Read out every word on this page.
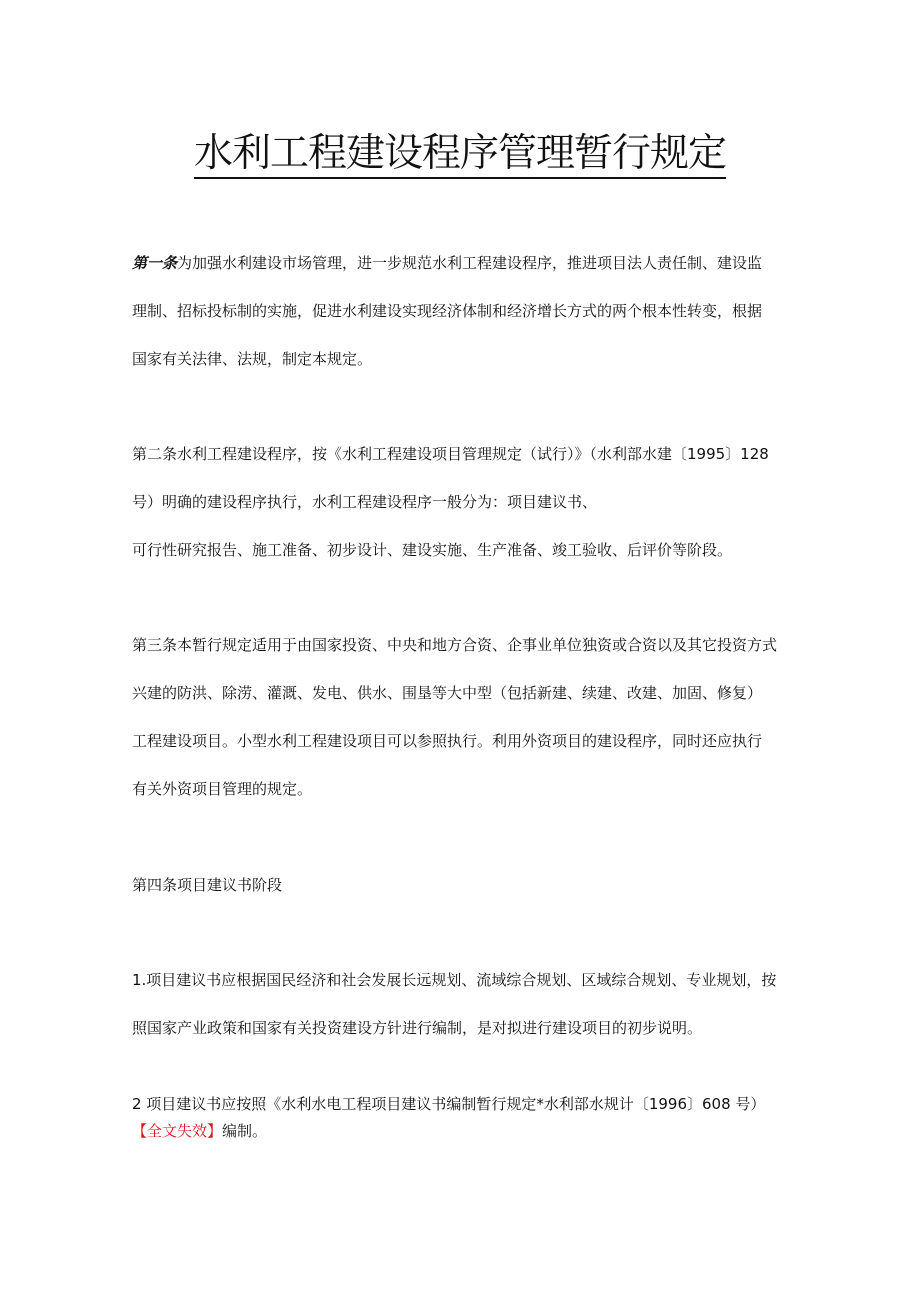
水利工程建设程序管理暂行规定
第一条为加强水利建设市场管理，进一步规范水利工程建设程序，推进项目法人责任制、建设监
理制、招标投标制的实施，促进水利建设实现经济体制和经济增长方式的两个根本性转变，根据
国家有关法律、法规，制定本规定。
第二条水利工程建设程序，按《水利工程建设项目管理规定（试行）》（水利部水建〔1995〕128
号）明确的建设程序执行，水利工程建设程序一般分为：项目建议书、
可行性研究报告、施工准备、初步设计、建设实施、生产准备、竣工验收、后评价等阶段。
第三条本暂行规定适用于由国家投资、中央和地方合资、企事业单位独资或合资以及其它投资方式
兴建的防洪、除涝、灌溉、发电、供水、围垦等大中型（包括新建、续建、改建、加固、修复）
工程建设项目。小型水利工程建设项目可以参照执行。利用外资项目的建设程序，同时还应执行
有关外资项目管理的规定。
第四条项目建议书阶段
1.项目建议书应根据国民经济和社会发展长远规划、流域综合规划、区域综合规划、专业规划，按
照国家产业政策和国家有关投资建设方针进行编制，是对拟进行建设项目的初步说明。
2 项目建议书应按照《水利水电工程项目建议书编制暂行规定*水利部水规计〔1996〕608 号）
【全文失效】编制。
